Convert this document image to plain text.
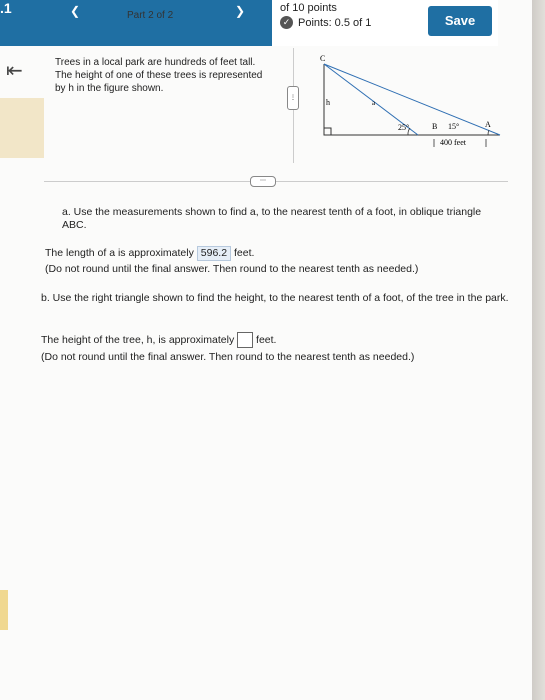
.1	❮	Part 2 of 2	❯	of 10 points
✓ Points: 0.5 of 1	Save
⇤	Trees in a local park are hundreds of feet tall. The height of one of these trees is represented by h in the figure shown.
⋮
C
h	a
25°	B 15°	A
400 feet
⋯
a. Use the measurements shown to find a, to the nearest tenth of a foot, in oblique triangle ABC.
The length of a is approximately 596.2 feet.
(Do not round until the final answer. Then round to the nearest tenth as needed.)
b. Use the right triangle shown to find the height, to the nearest tenth of a foot, of the tree in the park.
The height of the tree, h, is approximately feet.
(Do not round until the final answer. Then round to the nearest tenth as needed.)
